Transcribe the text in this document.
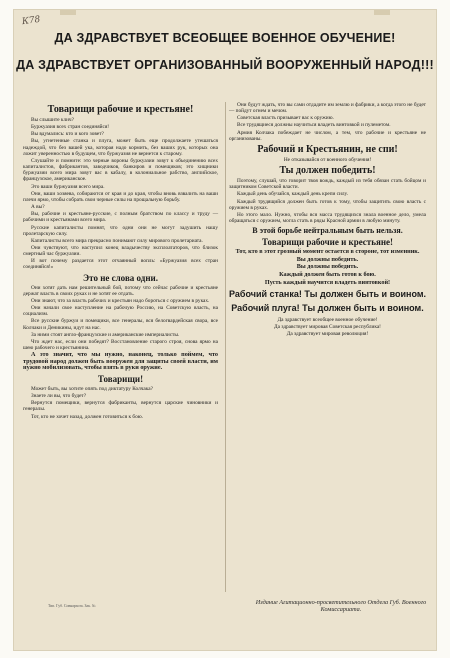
К78
ДА ЗДРАВСТВУЕТ ВСЕОБЩЕЕ ВОЕННОЕ ОБУЧЕНИЕ!
ДА ЗДРАВСТВУЕТ ОРГАНИЗОВАННЫЙ ВООРУЖЕННЫЙ НАРОД!!!
Товарищи рабочие и крестьяне!

Вы слышите клич?

Буржуазия всех стран соединяйся!

Вы вдумались: кто и кого зовет?

Вы, угнетенные станка и плуга, может быть еще продолжаете утешаться надеждой, что без вашей ука, которая надо кормить, без ваших рук, которых она ложит уверенностью в будущем, что буржуазия не вернется к старому.

Слушайте и помните: это черные вороны буржуазии зовут к объединению всех капиталистов, фабрикантов, заводчиков, банкиров и помещиков; это хищники буржуазии всего мира зовут вас в кабалу, в колониальное рабство, английское, французское, американское.

Это ваши буржуазия всего мира.

Они, ваши хозяева, собираются от края и до края, чтобы вновь взвалить на ваши плечи ярмо, чтобы собрать свои черные силы на прощальную борьбу.

А вы?

Вы, рабочие и крестьяне-русские, с полным братством по классу и труду — рабочими и крестьянами всего мира.

Русские капиталисты помнят, что одни они не могут задушить нашу пролетарскую силу.

Капиталисты всего мира прекрасно понимают силу мирового пролетариата.

Они чувствуют, что наступил конец владычеству эксплоататоров, что близок смертный час буржуазии.

И вот почему раздается этот отчаянный вопль: «Буржуазия всех стран соединяйся!»

Это не слова одни.

Они хотят дать нам решительный бой, потому что сейчас рабочие и крестьяне держат власть в своих руках и не хотят ее отдать.

Они знают, что за власть рабочих и крестьян надо бороться с оружием в руках.

Они начали свое наступление на рабочую Россию, на Советскую власть, на социализм.

Все русские буржуи и помещики, все генералы, вся белогвардейская свора, все Колчаки и Деникины, идут на нас.

За ними стоят англо-французские и американские империалисты.

Что ждет нас, если они победят? Восстановление старого строя, снова ярмо на шею рабочего и крестьянина.

А это значит, что мы нужно, наконец, только поймем, что трудовой народ должен быть вооружен для защиты своей власти, им нужно мобилизовать, чтобы взять в руки оружие.

Товарищи!

Может быть, вы хотите опять под диктатуру Колчака?

Знаете ли вы, что будет?

Вернутся помещики, вернутся фабриканты, вернутся царские чиновники и генералы.

Тот, кто не хочет назад, должен готовиться к бою.

Они будут ждать, что вы сами отдадите им землю и фабрики, а когда этого не будет — пойдут огнем и мечом.

Советская власть призывает вас к оружию.

Все трудящиеся должны научиться владеть винтовкой и пулеметом.

Армия Колчака побеждает не числом, а тем, что рабочие и крестьяне не организованы.

Рабочий и Крестьянин, не спи!

Не отказывайся от военного обучения!

Ты должен победить!

Поэтому, слушай, что говорит твоя вождь, каждый из тебя обязан стать бойцом и защитником Советской власти.

Каждый день обучайся, каждый день крепи силу.

Каждый трудящийся должен быть готов к тому, чтобы защитить свою власть с оружием в руках.

Но этого мало. Нужно, чтобы вся масса трудящихся знала военное дело, умела обращаться с оружием, могла стать в ряды Красной армии в любую минуту.

В этой борьбе нейтральным быть нельзя.
Товарищи рабочие и крестьяне!

Тот, кто в этот грозный момент остается в стороне, тот изменник.

Вы должны победить.

Вы должны победить.

Каждый должен быть готов к бою.

Пусть каждый научится владеть винтовкой!

Рабочий станка! Ты должен быть и воином.
Рабочий плуга! Ты должен быть и воином.

Да здравствует всеобщее военное обучение!

Да здравствует мировая Советская республика!

Да здравствует мировая революция!

Тип. Губ. Совнархоза. Зак. №	Издание Агитационно-просветительного Отдела Губ. Военного Комиссариата.
